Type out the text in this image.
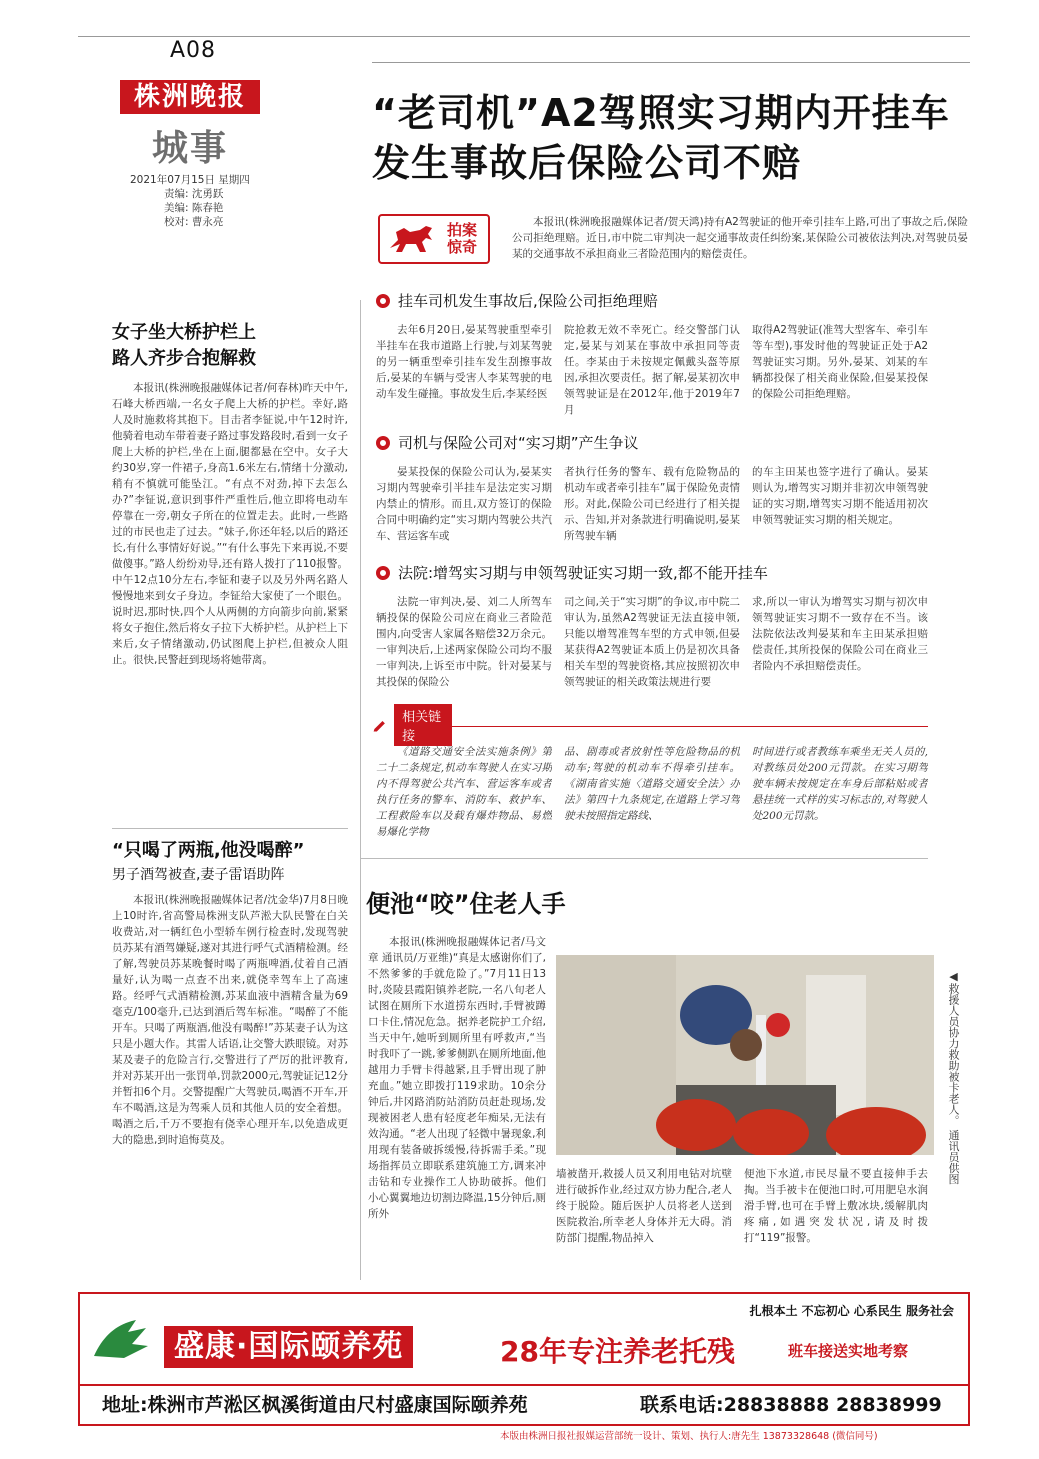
A08
株洲晚报
城事
2021年07月15日 星期四
责编: 沈勇跃
美编: 陈春艳
校对: 曹永亮
“老司机”A2驾照实习期内开挂车
发生事故后保险公司不赔
拍案
惊奇
本报讯(株洲晚报融媒体记者/贺天鸿)持有A2驾驶证的他开牵引挂车上路,可出了事故之后,保险公司拒绝理赔。近日,市中院二审判决一起交通事故责任纠纷案,某保险公司被依法判决,对驾驶员晏某的交通事故不承担商业三者险范围内的赔偿责任。
挂车司机发生事故后,保险公司拒绝理赔
去年6月20日,晏某驾驶重型牵引半挂车在我市道路上行驶,与刘某驾驶的另一辆重型牵引挂车发生刮擦事故后,晏某的车辆与受害人李某驾驶的电动车发生碰撞。事故发生后,李某经医
院抢救无效不幸死亡。经交警部门认定,晏某与刘某在事故中承担同等责任。李某由于未按规定佩戴头盔等原因,承担次要责任。据了解,晏某初次申领驾驶证是在2012年,他于2019年7月
取得A2驾驶证(准驾大型客车、牵引车等车型),事发时他的驾驶证正处于A2驾驶证实习期。另外,晏某、刘某的车辆都投保了相关商业保险,但晏某投保的保险公司拒绝理赔。
司机与保险公司对“实习期”产生争议
晏某投保的保险公司认为,晏某实习期内驾驶牵引半挂车是法定实习期内禁止的情形。而且,双方签订的保险合同中明确约定“实习期内驾驶公共汽车、营运客车或
者执行任务的警车、载有危险物品的机动车或者牵引挂车”属于保险免责情形。对此,保险公司已经进行了相关提示、告知,并对条款进行明确说明,晏某所驾驶车辆
的车主田某也签字进行了确认。晏某则认为,增驾实习期并非初次申领驾驶证的实习期,增驾实习期不能适用初次申领驾驶证实习期的相关规定。
法院:增驾实习期与申领驾驶证实习期一致,都不能开挂车
法院一审判决,晏、刘二人所驾车辆投保的保险公司应在商业三者险范围内,向受害人家属各赔偿32万余元。一审判决后,上述两家保险公司均不服一审判决,上诉至市中院。针对晏某与其投保的保险公
司之间,关于“实习期”的争议,市中院二审认为,虽然A2驾驶证无法直接申领,只能以增驾准驾车型的方式申领,但晏某获得A2驾驶证本质上仍是初次具备相关车型的驾驶资格,其应按照初次申领驾驶证的相关政策法规进行要
求,所以一审认为增驾实习期与初次申领驾驶证实习期不一致存在不当。该法院依法改判晏某和车主田某承担赔偿责任,其所投保的保险公司在商业三者险内不承担赔偿责任。
相关链接
《道路交通安全法实施条例》第二十二条规定,机动车驾驶人在实习期内不得驾驶公共汽车、营运客车或者执行任务的警车、消防车、救护车、工程救险车以及载有爆炸物品、易燃易爆化学物
品、剧毒或者放射性等危险物品的机动车;驾驶的机动车不得牵引挂车。《湖南省实施〈道路交通安全法〉办法》第四十九条规定,在道路上学习驾驶未按照指定路线、
时间进行或者教练车乘坐无关人员的,对教练员处200元罚款。在实习期驾驶车辆未按规定在车身后部粘贴或者悬挂统一式样的实习标志的,对驾驶人处200元罚款。
女子坐大桥护栏上
路人齐步合抱解救
本报讯(株洲晚报融媒体记者/何春林)昨天中午,石峰大桥西端,一名女子爬上大桥的护栏。幸好,路人及时施救将其抱下。目击者李钲说,中午12时许,他骑着电动车带着妻子路过事发路段时,看到一女子爬上大桥的护栏,坐在上面,腿都悬在空中。女子大约30岁,穿一件裙子,身高1.6米左右,情绪十分激动,稍有不慎就可能坠江。“有点不对劲,掉下去怎么办?”李钲说,意识到事件严重性后,他立即将电动车停靠在一旁,朝女子所在的位置走去。此时,一些路过的市民也走了过去。“妹子,你还年轻,以后的路还长,有什么事情好好说。”“有什么事先下来再说,不要做傻事。”路人纷纷劝导,还有路人拨打了110报警。中午12点10分左右,李钲和妻子以及另外两名路人慢慢地来到女子身边。李钲给大家使了一个眼色。说时迟,那时快,四个人从两侧的方向箭步向前,紧紧将女子抱住,然后将女子拉下大桥护栏。从护栏上下来后,女子情绪激动,仍试图爬上护栏,但被众人阻止。很快,民警赶到现场将她带离。
“只喝了两瓶,他没喝醉”
男子酒驾被查,妻子雷语助阵
本报讯(株洲晚报融媒体记者/沈金华)7月8日晚上10时许,省高警局株洲支队芦淞大队民警在白关收费站,对一辆红色小型轿车例行检查时,发现驾驶员苏某有酒驾嫌疑,遂对其进行呼气式酒精检测。经了解,驾驶员苏某晚餐时喝了两瓶啤酒,仗着自己酒量好,认为喝一点查不出来,就侥幸驾车上了高速路。经呼气式酒精检测,苏某血液中酒精含量为69毫克/100毫升,已达到酒后驾车标准。“喝醉了不能开车。只喝了两瓶酒,他没有喝醉!”苏某妻子认为这只是小题大作。其雷人话语,让交警大跌眼镜。对苏某及妻子的危险言行,交警进行了严厉的批评教育,并对苏某开出一张罚单,罚款2000元,驾驶证记12分并暂扣6个月。交警提醒广大驾驶员,喝酒不开车,开车不喝酒,这是为驾乘人员和其他人员的安全着想。喝酒之后,千万不要抱有侥幸心理开车,以免造成更大的隐患,到时追悔莫及。
便池“咬”住老人手
本报讯(株洲晚报融媒体记者/马文章 通讯员/万亚维)“真是太感谢你们了,不然爹爹的手就危险了。”7月11日13时,炎陵县霞阳镇养老院,一名八旬老人试图在厕所下水道捞东西时,手臂被蹲口卡住,情况危急。据养老院护工介绍,当天中午,她听到厕所里有呼救声,“当时我吓了一跳,爹爹侧趴在厕所地面,他越用力手臂卡得越紧,且手臂出现了肿充血。”她立即拨打119求助。10余分钟后,井冈路消防站消防员赶赴现场,发现被困老人患有轻度老年痴呆,无法有效沟通。“老人出现了轻微中暑现象,利用现有装备破拆缓慢,待拆需手柔。”现场指挥员立即联系建筑施工方,调来冲击钻和专业操作工人协助破拆。他们小心翼翼地边切割边降温,15分钟后,厕所外
◀救援人员协力救助被卡老人。 通讯员供图
墙被凿开,救援人员又利用电钻对坑壁进行破拆作业,经过双方协力配合,老人终于脱险。随后医护人员将老人送到医院救治,所幸老人身体并无大碍。消防部门提醒,物品掉入
便池下水道,市民尽量不要直接伸手去掏。当手被卡在便池口时,可用肥皂水润滑手臂,也可在手臂上敷冰块,缓解肌肉疼痛,如遇突发状况,请及时拨打“119”报警。
盛康·国际颐养苑
扎根本土 不忘初心 心系民生 服务社会
28年专注养老托残	班车接送实地考察
地址:株洲市芦淞区枫溪街道由尺村盛康国际颐养苑	联系电话:28838888 28838999
本版由株洲日报社报媒运营部统一设计、策划、执行人:唐先生 13873328648 (微信同号)
